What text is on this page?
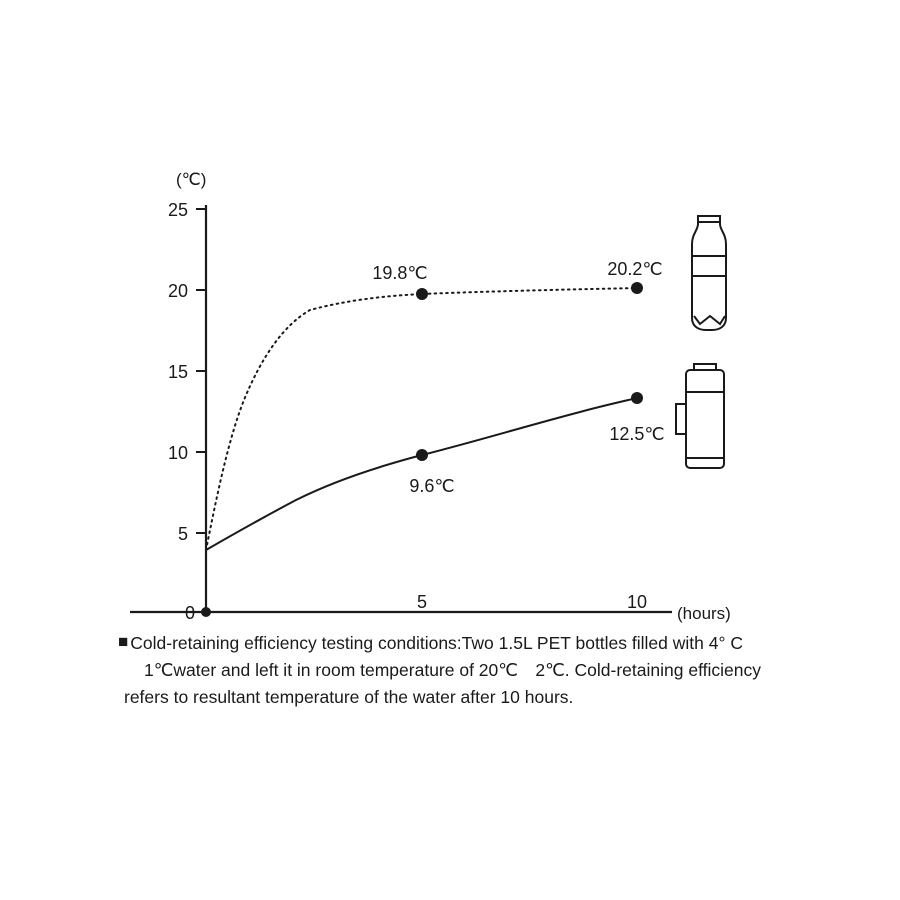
(℃)
25
20
15
10
5
0
5	10
(hours)
19.8℃	20.2℃
9.6℃
12.5℃
■ Cold-retaining efficiency testing conditions:Two 1.5L PET bottles filled with 4° C
1℃water and left it in room temperature of 20℃　2℃. Cold-retaining efficiency
refers to resultant temperature of the water after 10 hours.
